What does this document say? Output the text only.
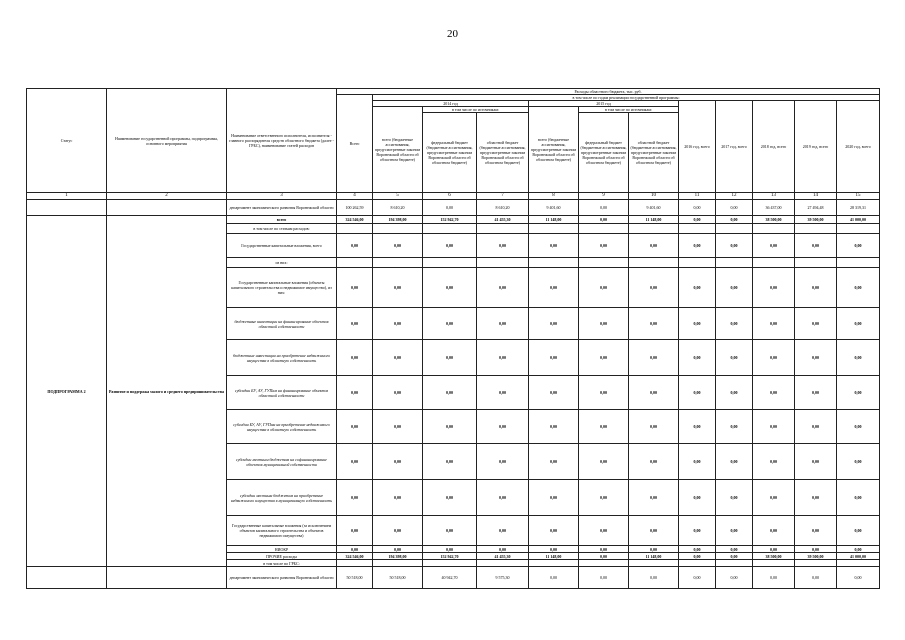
20
Статус	Наименование государственной программы, подпрограммы, основного мероприятия	Наименование ответственного исполнителя, исполнителя - главного распорядителя средств областного бюджета (далее - ГРБС), наименование статей расходов	Расходы областного бюджета, тыс. руб.											
			Всего	в том числе по годам реализации государственной программы:										
				2014 год			2015 год			2016 год, всего	2017 год, всего	2018 год, всего	2019 год, всего	2020 год, всего
				всего (бюджетные ассигнования, предусмотренные законом Воронежской области об областном бюджете)	в том числе по источникам:		всего (бюджетные ассигнования, предусмотренные законом Воронежской области об областном бюджете)	в том числе по источникам:						
					федеральный бюджет (бюджетные ассигнования, предусмотренные законом Воронежской области об областном бюджете)	областной бюджет (бюджетные ассигнования, предусмотренные законом Воронежской области об областном бюджете)		федеральный бюджет (бюджетные ассигнования, предусмотренные законом Воронежской области об областном бюджете)	областной бюджет (бюджетные ассигнования, предусмотренные законом Воронежской области об областном бюджете)					
1	2	3	4	5	6	7	8	9	10	11	12	13	14	15
		департамент экономического развития Воронежской области	100 262,59	8 610,20	0,00	8 610,20	9 401,60	0,00	9 401,60	0,00	0,00	36 437,00	27 494,48	28 319,31
ПОДПРОГРАММА 2	Развитие и поддержка малого и среднего предпринимательства	всего	324 546,00	194 398,00	152 942,70	41 455,30	11 148,00	0,00	11 148,00	0,00	0,00	38 500,00	39 500,00	41 000,00
		в том числе по статьям расходов:												
		Государственные капитальные вложения, всего	0,00	0,00	0,00	0,00	0,00	0,00	0,00	0,00	0,00	0,00	0,00	0,00
		из них:												
		Государственные капитальные вложения (объекты капитального строительства и недвижимое имущество), из них:	0,00	0,00	0,00	0,00	0,00	0,00	0,00	0,00	0,00	0,00	0,00	0,00
		бюджетные инвестиции на финансирование объектов областной собственности	0,00	0,00	0,00	0,00	0,00	0,00	0,00	0,00	0,00	0,00	0,00	0,00
		бюджетные инвестиции на приобретение недвижимого имущества в областную собственность	0,00	0,00	0,00	0,00	0,00	0,00	0,00	0,00	0,00	0,00	0,00	0,00
		субсидии БУ, АУ, ГУПам на финансирование объектов областной собственности	0,00	0,00	0,00	0,00	0,00	0,00	0,00	0,00	0,00	0,00	0,00	0,00
		субсидии БУ, АУ, ГУПам на приобретение недвижимого имущества в областную собственность	0,00	0,00	0,00	0,00	0,00	0,00	0,00	0,00	0,00	0,00	0,00	0,00
		субсидии местным бюджетам на софинансирование объектов муниципальной собственности	0,00	0,00	0,00	0,00	0,00	0,00	0,00	0,00	0,00	0,00	0,00	0,00
		субсидии местным бюджетам на приобретение недвижимого имущества в муниципальную собственность	0,00	0,00	0,00	0,00	0,00	0,00	0,00	0,00	0,00	0,00	0,00	0,00
		Государственные капитальные вложения (за исключением объектов капитального строительства и объектов недвижимого имущества)	0,00	0,00	0,00	0,00	0,00	0,00	0,00	0,00	0,00	0,00	0,00	0,00
		НИОКР	0,00	0,00	0,00	0,00	0,00	0,00	0,00	0,00	0,00	0,00	0,00	0,00
		ПРОЧИЕ расходы	324 546,00	194 398,00	152 942,70	41 455,30	11 148,00	0,00	11 148,00	0,00	0,00	38 500,00	39 500,00	41 000,00
		в том числе по ГРБС:												
		департамент экономического развития Воронежской области	50 518,00	50 518,00	40 942,70	9 575,30	0,00	0,00	0,00	0,00	0,00	0,00	0,00	0,00
